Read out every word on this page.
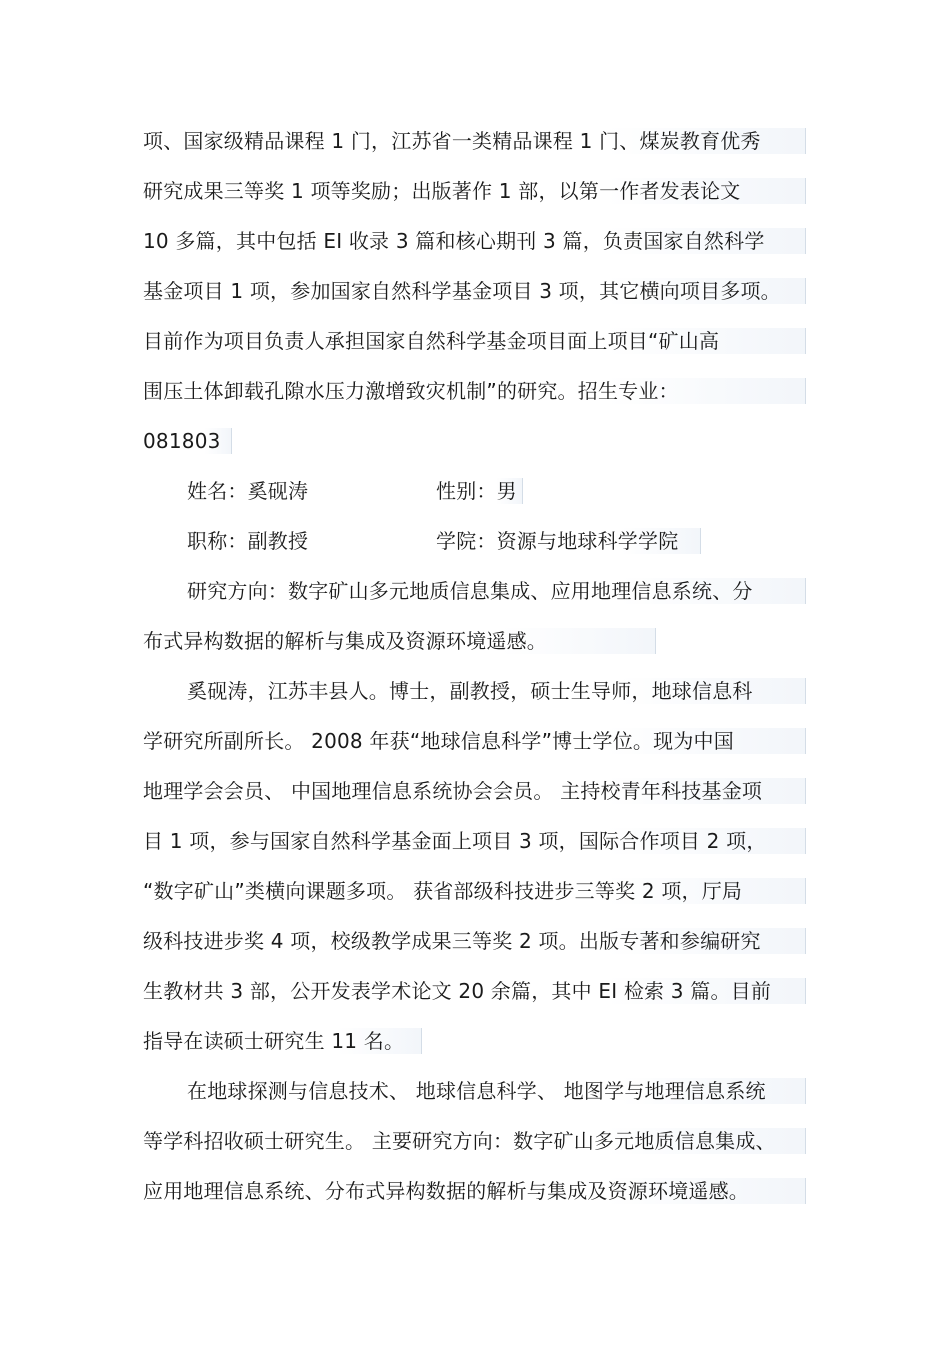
项、国家级精品课程 1 门，江苏省一类精品课程 1 门、煤炭教育优秀
研究成果三等奖 1 项等奖励；出版著作 1 部，以第一作者发表论文
10 多篇，其中包括 EI 收录 3 篇和核心期刊 3 篇，负责国家自然科学
基金项目 1 项，参加国家自然科学基金项目 3 项，其它横向项目多项。
目前作为项目负责人承担国家自然科学基金项目面上项目“矿山高
围压土体卸载孔隙水压力激增致灾机制”的研究。招生专业：
081803
姓名：奚砚涛	性别：男
职称：副教授	学院：资源与地球科学学院
研究方向：数字矿山多元地质信息集成、应用地理信息系统、分
布式异构数据的解析与集成及资源环境遥感。
奚砚涛，江苏丰县人。博士，副教授，硕士生导师，地球信息科
学研究所副所长。 2008 年获“地球信息科学”博士学位。现为中国
地理学会会员、 中国地理信息系统协会会员。 主持校青年科技基金项
目 1 项，参与国家自然科学基金面上项目 3 项，国际合作项目 2 项，
“数字矿山”类横向课题多项。 获省部级科技进步三等奖 2 项，厅局
级科技进步奖 4 项，校级教学成果三等奖 2 项。出版专著和参编研究
生教材共 3 部，公开发表学术论文 20 余篇，其中 EI 检索 3 篇。目前
指导在读硕士研究生 11 名。
在地球探测与信息技术、 地球信息科学、 地图学与地理信息系统
等学科招收硕士研究生。 主要研究方向：数字矿山多元地质信息集成、
应用地理信息系统、分布式异构数据的解析与集成及资源环境遥感。
